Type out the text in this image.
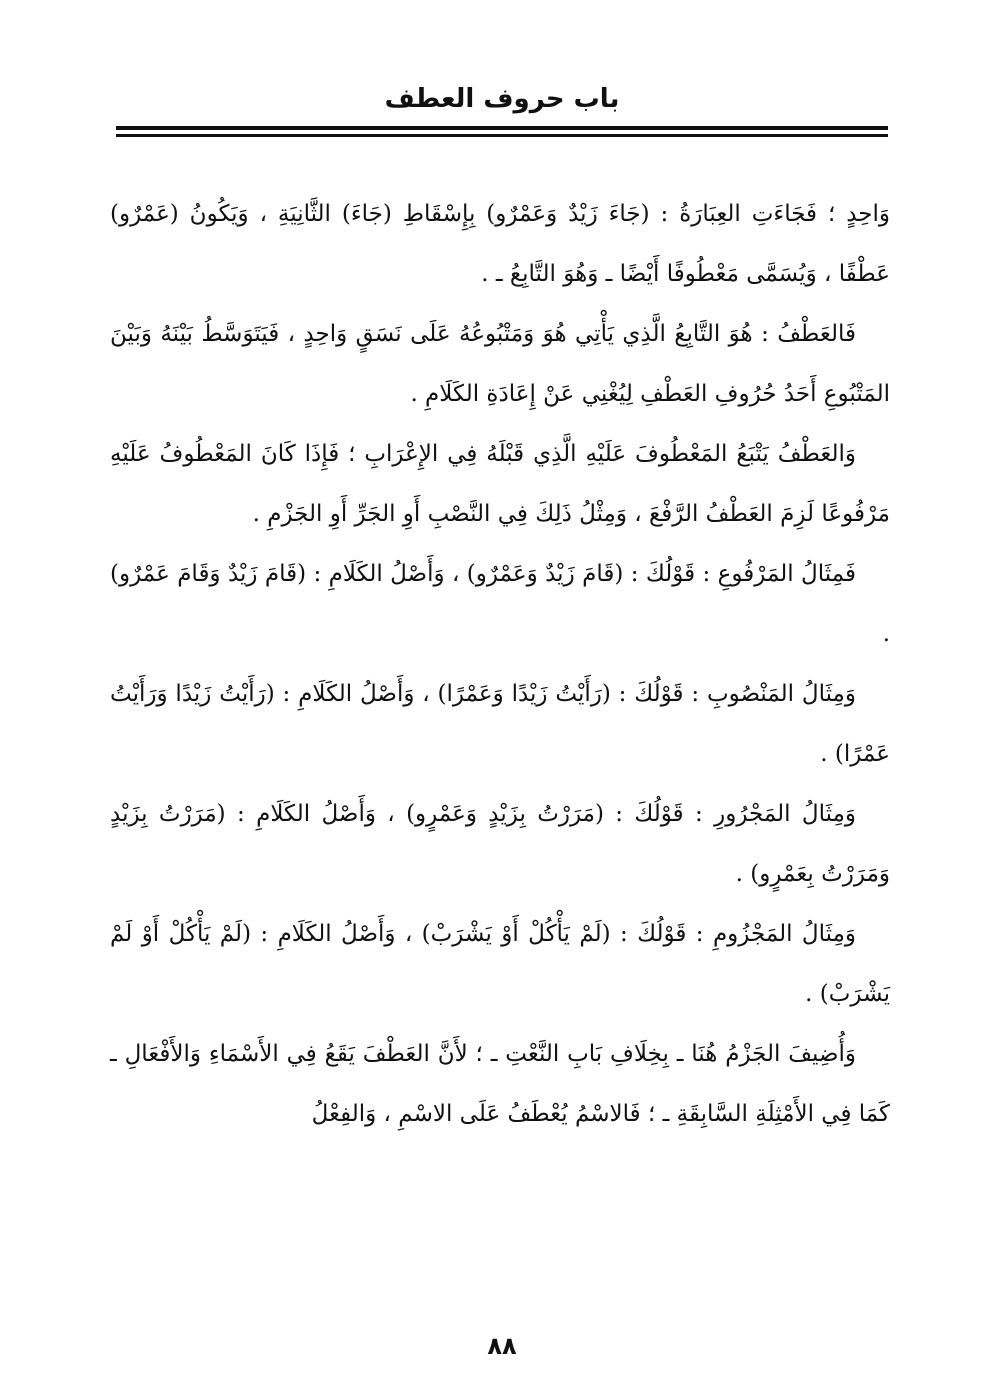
باب حروف العطف

وَاحِدٍ ؛ فَجَاءَتِ العِبَارَةُ : (جَاءَ زَيْدٌ وَعَمْرٌو) بِإِسْقَاطِ (جَاءَ) الثَّانِيَةِ ، وَيَكُونُ (عَمْرٌو) عَطْفًا ، وَيُسَمَّى مَعْطُوفًا أَيْضًا ـ وَهُوَ التَّابِعُ ـ .

فَالعَطْفُ : هُوَ التَّابِعُ الَّذِي يَأْتِي هُوَ وَمَتْبُوعُهُ عَلَى نَسَقٍ وَاحِدٍ ، فَيَتَوَسَّطُ بَيْنَهُ وَبَيْنَ المَتْبُوعِ أَحَدُ حُرُوفِ العَطْفِ لِيُغْنِي عَنْ إِعَادَةِ الكَلَامِ .

وَالعَطْفُ يَتْبَعُ المَعْطُوفَ عَلَيْهِ الَّذِي قَبْلَهُ فِي الإِعْرَابِ ؛ فَإِذَا كَانَ المَعْطُوفُ عَلَيْهِ مَرْفُوعًا لَزِمَ العَطْفُ الرَّفْعَ ، وَمِثْلُ ذَلِكَ فِي النَّصْبِ أَوِ الجَرِّ أَوِ الجَزْمِ .

فَمِثَالُ المَرْفُوعِ : قَوْلُكَ : (قَامَ زَيْدٌ وَعَمْرٌو) ، وَأَصْلُ الكَلَامِ : (قَامَ زَيْدٌ وَقَامَ عَمْرٌو) .

وَمِثَالُ المَنْصُوبِ : قَوْلُكَ : (رَأَيْتُ زَيْدًا وَعَمْرًا) ، وَأَصْلُ الكَلَامِ : (رَأَيْتُ زَيْدًا وَرَأَيْتُ عَمْرًا) .

وَمِثَالُ المَجْرُورِ : قَوْلُكَ : (مَرَرْتُ بِزَيْدٍ وَعَمْرٍو) ، وَأَصْلُ الكَلَامِ : (مَرَرْتُ بِزَيْدٍ وَمَرَرْتُ بِعَمْرٍو) .

وَمِثَالُ المَجْزُومِ : قَوْلُكَ : (لَمْ يَأْكُلْ أَوْ يَشْرَبْ) ، وَأَصْلُ الكَلَامِ : (لَمْ يَأْكُلْ أَوْ لَمْ يَشْرَبْ) .

وَأُضِيفَ الجَزْمُ هُنَا ـ بِخِلَافِ بَابِ النَّعْتِ ـ ؛ لأَنَّ العَطْفَ يَقَعُ فِي الأَسْمَاءِ وَالأَفْعَالِ ـ كَمَا فِي الأَمْثِلَةِ السَّابِقَةِ ـ ؛ فَالاسْمُ يُعْطَفُ عَلَى الاسْمِ ، وَالفِعْلُ

٨٨
